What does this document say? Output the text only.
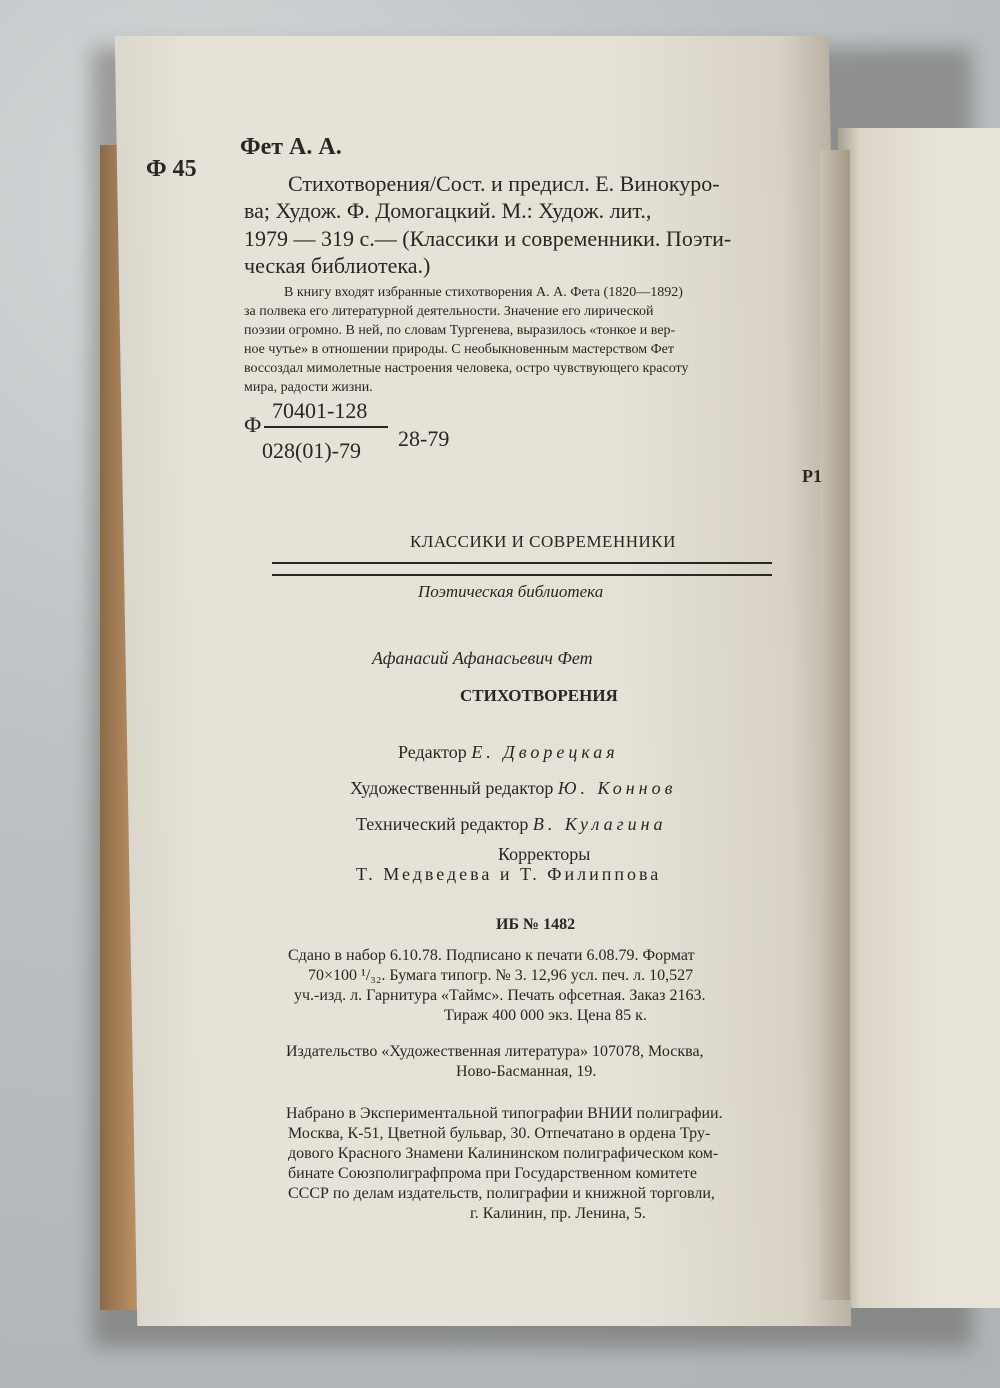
Ф 45
Фет А. А.
Стихотворения/Сост. и предисл. Е. Винокуро-
ва; Худож. Ф. Домогацкий. М.: Худож. лит.,
1979 — 319 с.— (Классики и современники. Поэти-
ческая библиотека.)
В книгу входят избранные стихотворения А. А. Фета (1820—1892)
за полвека его литературной деятельности. Значение его лирической
поэзии огромно. В ней, по словам Тургенева, выразилось «тонкое и вер-
ное чутье» в отношении природы. С необыкновенным мастерством Фет
воссоздал мимолетные настроения человека, остро чувствующего красоту
мира, радости жизни.
Ф
70401-128
028(01)-79 28-79
Р1
КЛАССИКИ И СОВРЕМЕННИКИ
Поэтическая библиотека
Афанасий Афанасьевич Фет
СТИХОТВОРЕНИЯ
Редактор Е. Дворецкая
Художественный редактор Ю. Коннов
Технический редактор В. Кулагина
Корректоры
Т. Медведева и Т. Филиппова
ИБ № 1482
Сдано в набор 6.10.78. Подписано к печати 6.08.79. Формат
70×100 ¹/₃₂. Бумага типогр. № 3. 12,96 усл. печ. л. 10,527
уч.-изд. л. Гарнитура «Таймс». Печать офсетная. Заказ 2163.
Тираж 400 000 экз. Цена 85 к.
Издательство «Художественная литература» 107078, Москва,
Ново-Басманная, 19.
Набрано в Экспериментальной типографии ВНИИ полиграфии.
Москва, К-51, Цветной бульвар, 30. Отпечатано в ордена Тру-
дового Красного Знамени Калининском полиграфическом ком-
бинате Союзполиграфпрома при Государственном комитете
СССР по делам издательств, полиграфии и книжной торговли,
г. Калинин, пр. Ленина, 5.
